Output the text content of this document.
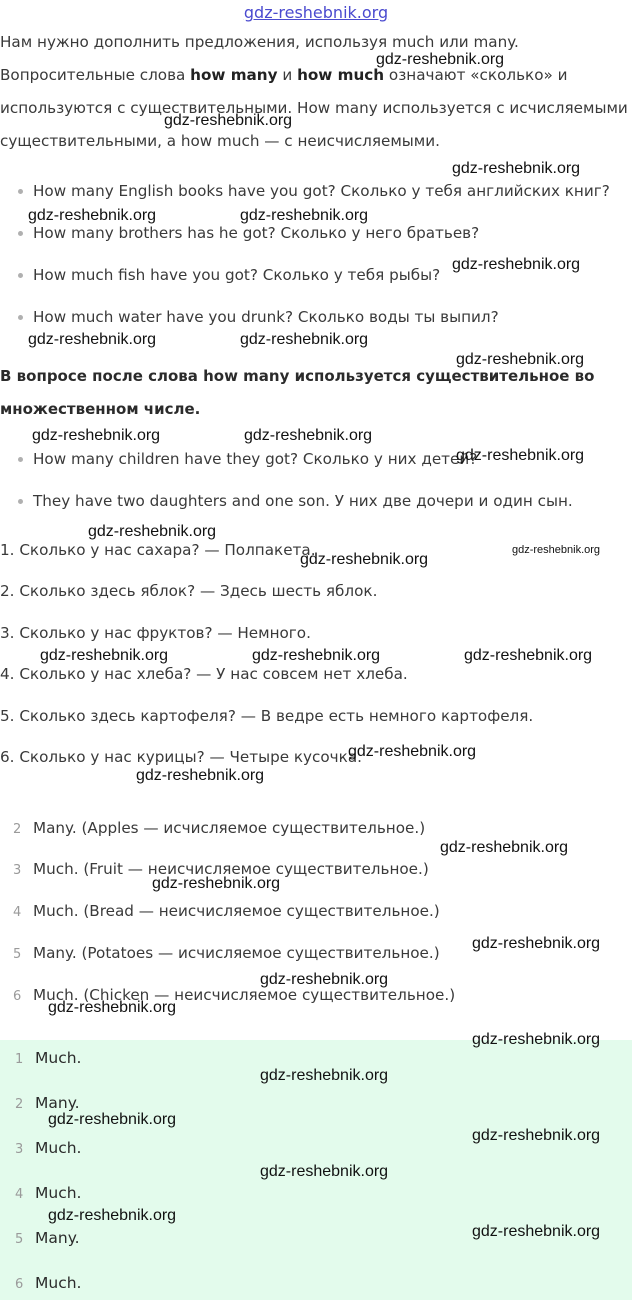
gdz-reshebnik.org
Нам нужно дополнить предложения, используя much или many.
Вопросительные слова how many и how much означают «сколько» и
используются с существительными. How many используется с исчисляемыми
существительными, а how much — с неисчисляемыми.
How many English books have you got? Сколько у тебя английских книг?
How many brothers has he got? Сколько у него братьев?
How much fish have you got? Сколько у тебя рыбы?
How much water have you drunk? Сколько воды ты выпил?
В вопросе после слова how many используется существительное во
множественном числе.
How many children have they got? Сколько у них детей?
They have two daughters and one son. У них две дочери и один сын.
1. Сколько у нас сахара? — Полпакета.
2. Сколько здесь яблок? — Здесь шесть яблок.
3. Сколько у нас фруктов? — Немного.
4. Сколько у нас хлеба? — У нас совсем нет хлеба.
5. Сколько здесь картофеля? — В ведре есть немного картофеля.
6. Сколько у нас курицы? — Четыре кусочка.
2 Many. (Apples — исчисляемое существительное.)
3 Much. (Fruit — неисчисляемое существительное.)
4 Much. (Bread — неисчисляемое существительное.)
5 Many. (Potatoes — исчисляемое существительное.)
6 Much. (Chicken — неисчисляемое существительное.)
1 Much.
2 Many.
3 Much.
4 Much.
5 Many.
6 Much.
gdz-reshebnik.org
gdz-reshebnik.org
gdz-reshebnik.org
gdz-reshebnik.org	gdz-reshebnik.org
gdz-reshebnik.org
gdz-reshebnik.org	gdz-reshebnik.org
gdz-reshebnik.org
gdz-reshebnik.org	gdz-reshebnik.org
gdz-reshebnik.org
gdz-reshebnik.org
gdz-reshebnik.org
gdz-reshebnik.org
gdz-reshebnik.org	gdz-reshebnik.org	gdz-reshebnik.org
gdz-reshebnik.org
gdz-reshebnik.org
gdz-reshebnik.org
gdz-reshebnik.org
gdz-reshebnik.org
gdz-reshebnik.org
gdz-reshebnik.org
gdz-reshebnik.org
gdz-reshebnik.org
gdz-reshebnik.org
gdz-reshebnik.org
gdz-reshebnik.org
gdz-reshebnik.org
gdz-reshebnik.org
